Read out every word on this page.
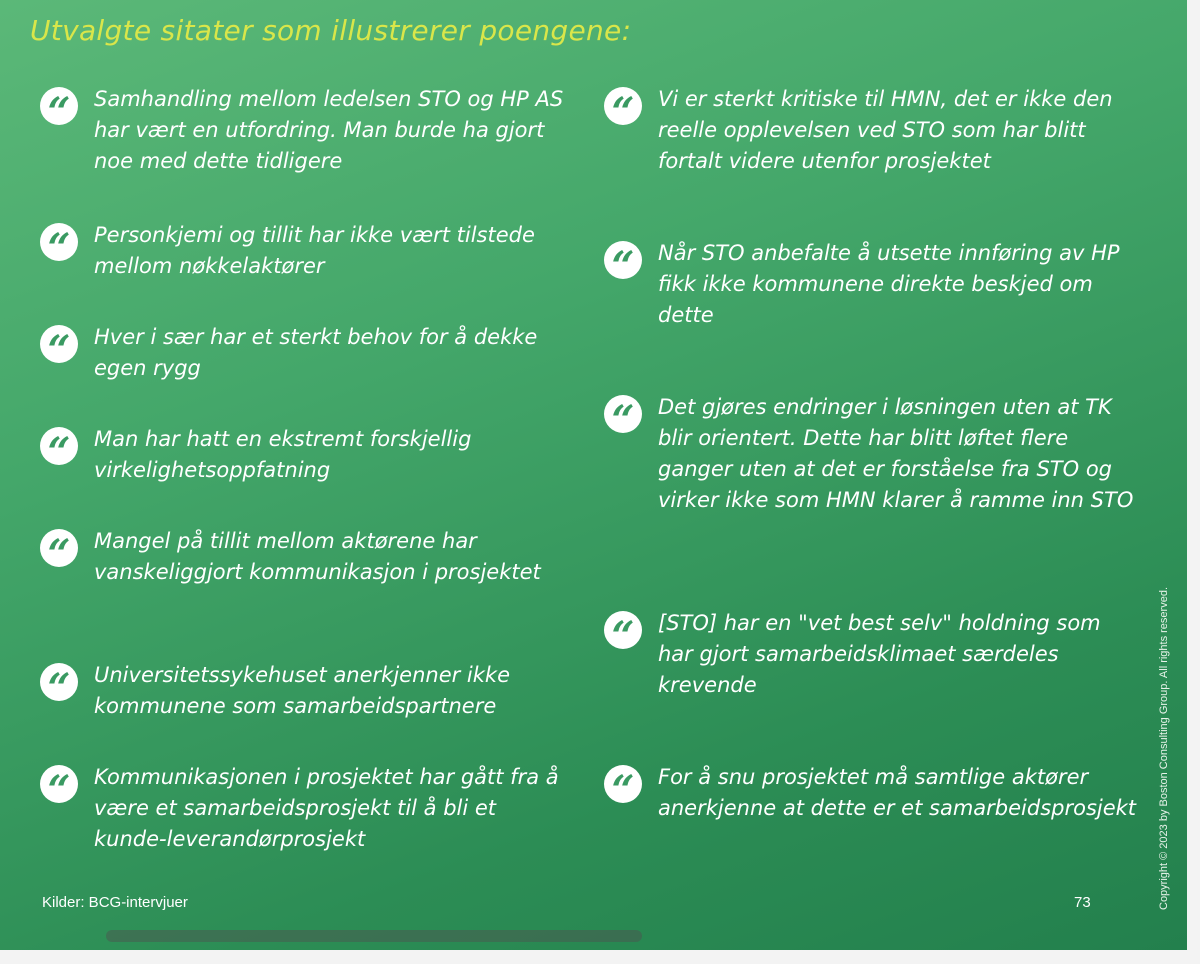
Utvalgte sitater som illustrerer poengene:
“ Samhandling mellom ledelsen STO og HP AS har vært en utfordring. Man burde ha gjort noe med dette tidligere
“ Personkjemi og tillit har ikke vært tilstede mellom nøkkelaktører
“ Hver i sær har et sterkt behov for å dekke egen rygg
“ Man har hatt en ekstremt forskjellig virkelighetsoppfatning
“ Mangel på tillit mellom aktørene har vanskeliggjort kommunikasjon i prosjektet
“ Universitetssykehuset anerkjenner ikke kommunene som samarbeidspartnere
“ Kommunikasjonen i prosjektet har gått fra å være et samarbeidsprosjekt til å bli et kunde-leverandørprosjekt
“ Vi er sterkt kritiske til HMN, det er ikke den reelle opplevelsen ved STO som har blitt fortalt videre utenfor prosjektet
“ Når STO anbefalte å utsette innføring av HP fikk ikke kommunene direkte beskjed om dette
“ Det gjøres endringer i løsningen uten at TK blir orientert. Dette har blitt løftet flere ganger uten at det er forståelse fra STO og virker ikke som HMN klarer å ramme inn STO
“ [STO] har en "vet best selv" holdning som har gjort samarbeidsklimaet særdeles krevende
“ For å snu prosjektet må samtlige aktører anerkjenne at dette er et samarbeidsprosjekt
Kilder: BCG-intervjuer	73	Copyright © 2023 by Boston Consulting Group. All rights reserved.
